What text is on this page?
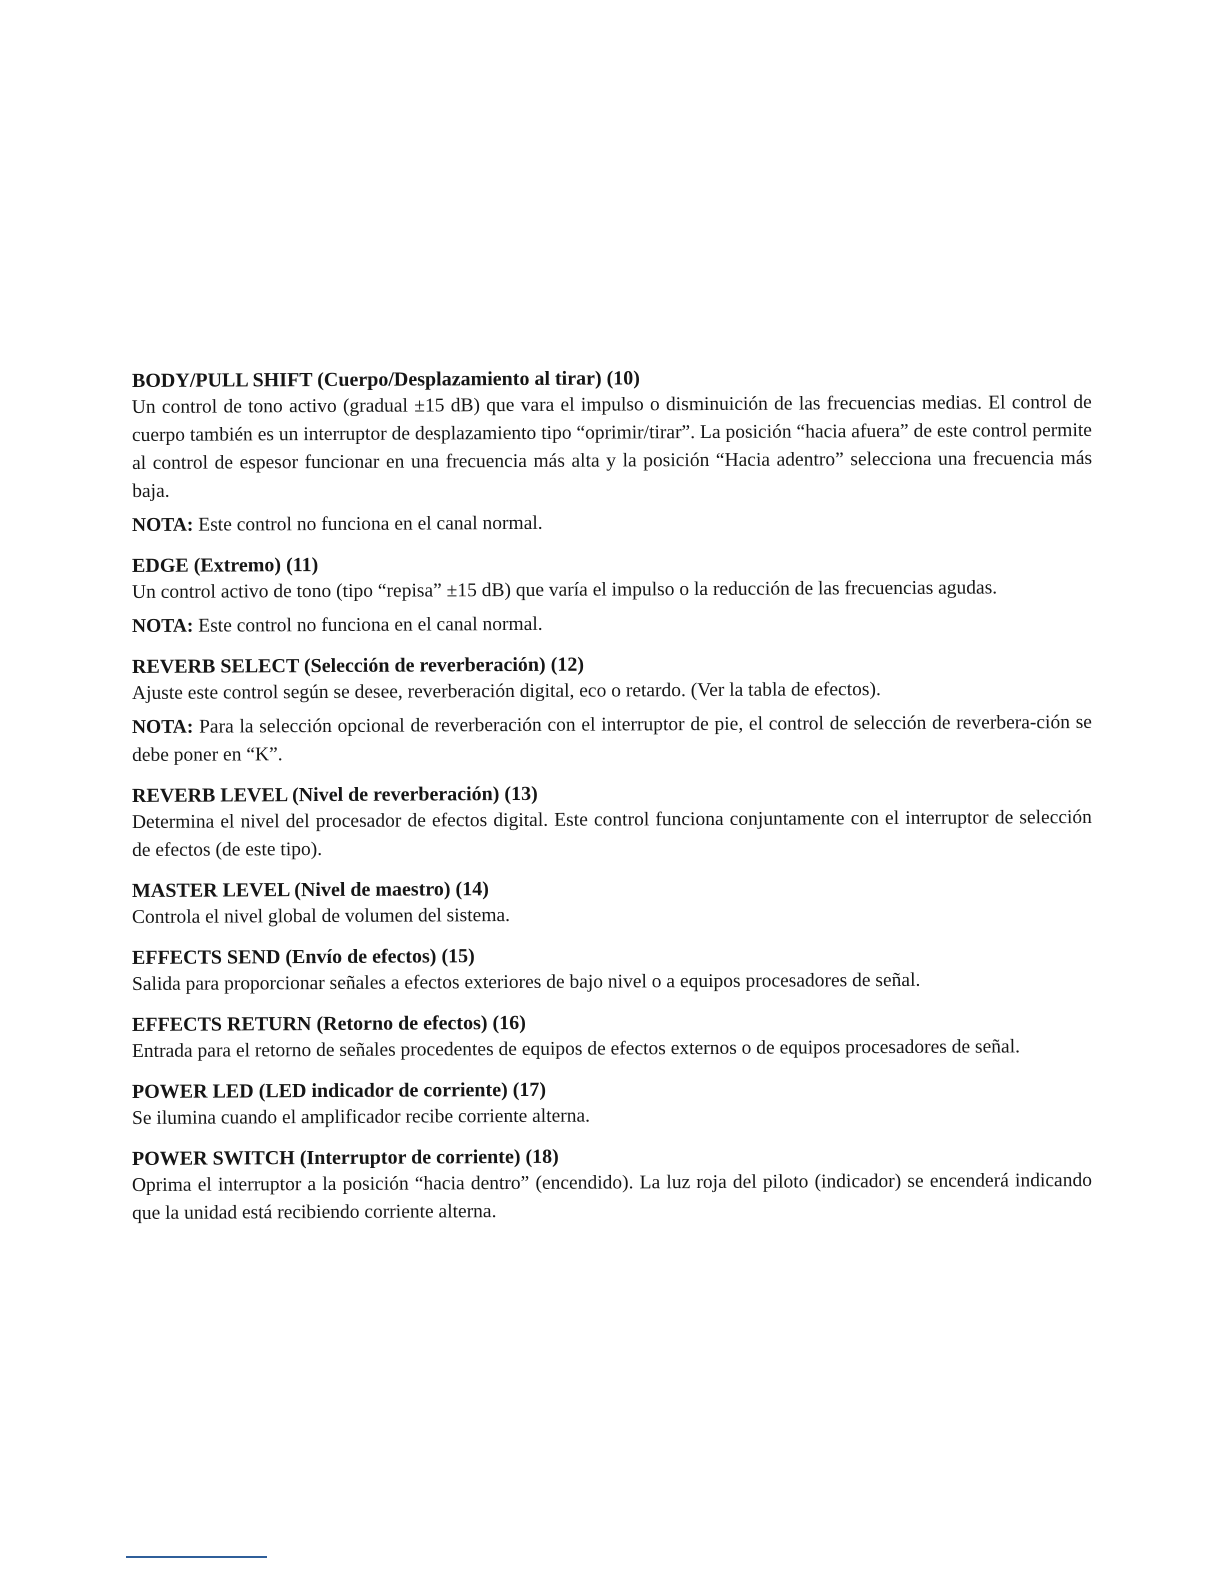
BODY/PULL SHIFT (Cuerpo/Desplazamiento al tirar) (10)

Un control de tono activo (gradual ±15 dB) que vara el impulso o disminuición de las frecuencias medias. El control de cuerpo también es un interruptor de desplazamiento tipo “oprimir/tirar”. La posición “hacia afuera” de este control permite al control de espesor funcionar en una frecuencia más alta y la posición “Hacia adentro” selecciona una frecuencia más baja.

NOTA: Este control no funciona en el canal normal.

EDGE (Extremo) (11)

Un control activo de tono (tipo “repisa” ±15 dB) que varía el impulso o la reducción de las frecuencias agudas.

NOTA: Este control no funciona en el canal normal.

REVERB SELECT (Selección de reverberación) (12)

Ajuste este control según se desee, reverberación digital, eco o retardo. (Ver la tabla de efectos).

NOTA: Para la selección opcional de reverberación con el interruptor de pie, el control de selección de reverbera-ción se debe poner en “K”.

REVERB LEVEL (Nivel de reverberación) (13)

Determina el nivel del procesador de efectos digital. Este control funciona conjuntamente con el interruptor de selección de efectos (de este tipo).

MASTER LEVEL (Nivel de maestro) (14)

Controla el nivel global de volumen del sistema.

EFFECTS SEND (Envío de efectos) (15)

Salida para proporcionar señales a efectos exteriores de bajo nivel o a equipos procesadores de señal.

EFFECTS RETURN (Retorno de efectos) (16)

Entrada para el retorno de señales procedentes de equipos de efectos externos o de equipos procesadores de señal.

POWER LED (LED indicador de corriente) (17)

Se ilumina cuando el amplificador recibe corriente alterna.

POWER SWITCH (Interruptor de corriente) (18)

Oprima el interruptor a la posición “hacia dentro” (encendido). La luz roja del piloto (indicador) se encenderá indicando que la unidad está recibiendo corriente alterna.
